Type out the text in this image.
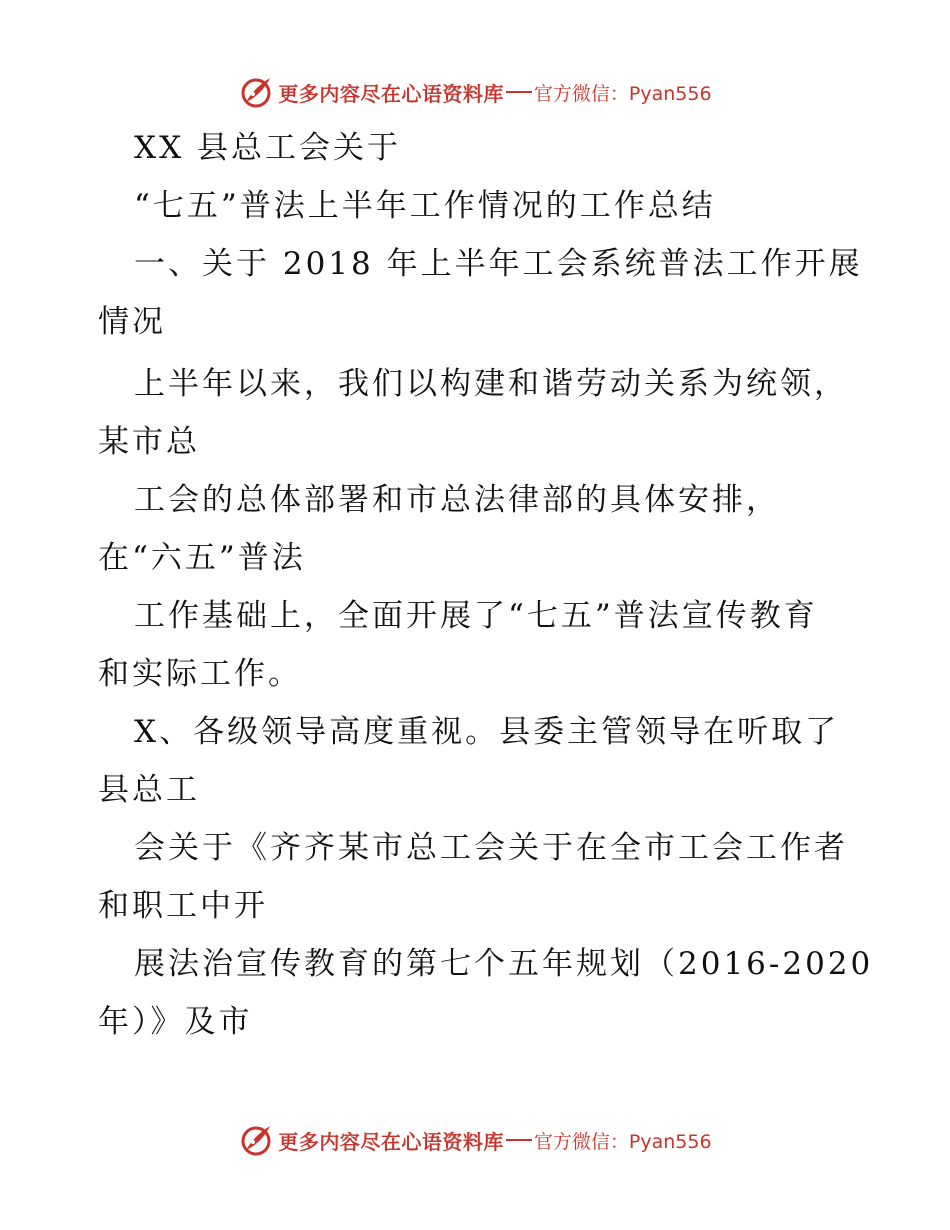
更多内容尽在心语资料库 官方微信：Pyan556
XX 县总工会关于
“七五”普法上半年工作情况的工作总结
一、关于 2018 年上半年工会系统普法工作开展
情况
上半年以来，我们以构建和谐劳动关系为统领，
某市总
工会的总体部署和市总法律部的具体安排，
在“六五”普法
工作基础上，全面开展了“七五”普法宣传教育
和实际工作。
X、各级领导高度重视。县委主管领导在听取了
县总工
会关于《齐齐某市总工会关于在全市工会工作者
和职工中开
展法治宣传教育的第七个五年规划（2016-2020
年）》及市
更多内容尽在心语资料库 官方微信：Pyan556
